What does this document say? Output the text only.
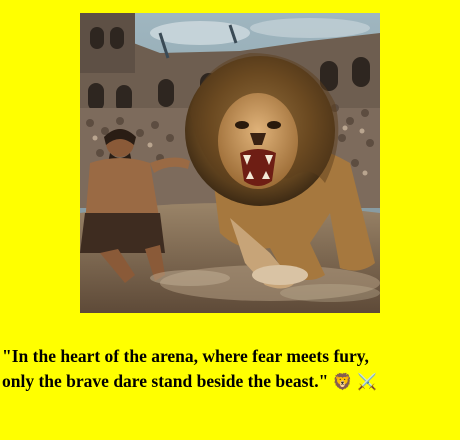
"In the heart of the arena, where fear meets fury,
only the brave dare stand beside the beast." 🦁 ⚔️
